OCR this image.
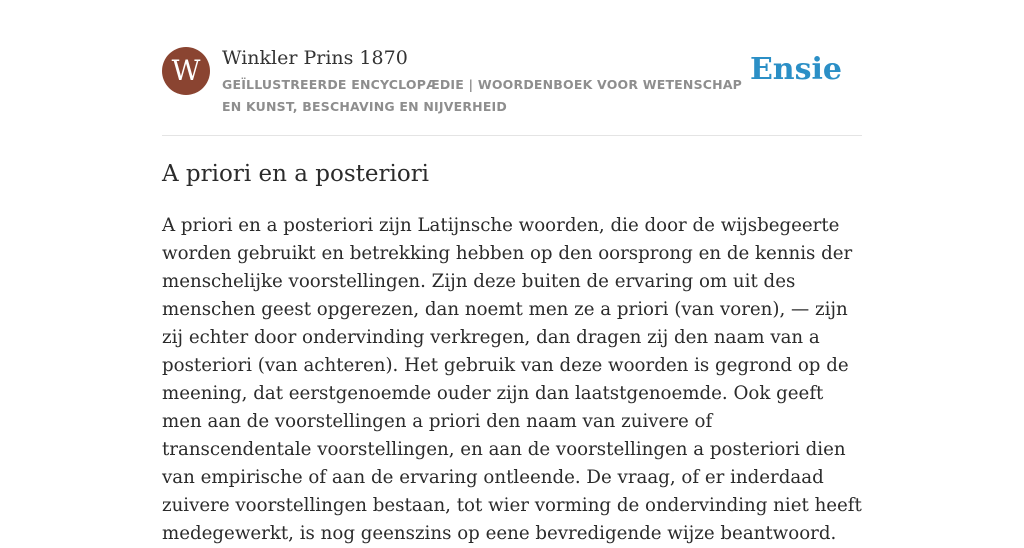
W	Winkler Prins 1870
GEÏLLUSTREERDE ENCYCLOPÆDIE | WOORDENBOEK VOOR WETENSCHAP EN KUNST, BESCHAVING EN NIJVERHEID
Ensie
A priori en a posteriori

A priori en a posteriori zijn Latijnsche woorden, die door de wijsbegeerte worden gebruikt en betrekking hebben op den oorsprong en de kennis der menschelijke voorstellingen. Zijn deze buiten de ervaring om uit des menschen geest opgerezen, dan noemt men ze a priori (van voren), — zijn zij echter door ondervinding verkregen, dan dragen zij den naam van a posteriori (van achteren). Het gebruik van deze woorden is gegrond op de meening, dat eerstgenoemde ouder zijn dan laatstgenoemde. Ook geeft men aan de voorstellingen a priori den naam van zuivere of transcendentale voorstellingen, en aan de voorstellingen a posteriori dien van empirische of aan de ervaring ontleende. De vraag, of er inderdaad zuivere voorstellingen bestaan, tot wier vorming de ondervinding niet heeft medegewerkt, is nog geenszins op eene bevredigende wijze beantwoord.
